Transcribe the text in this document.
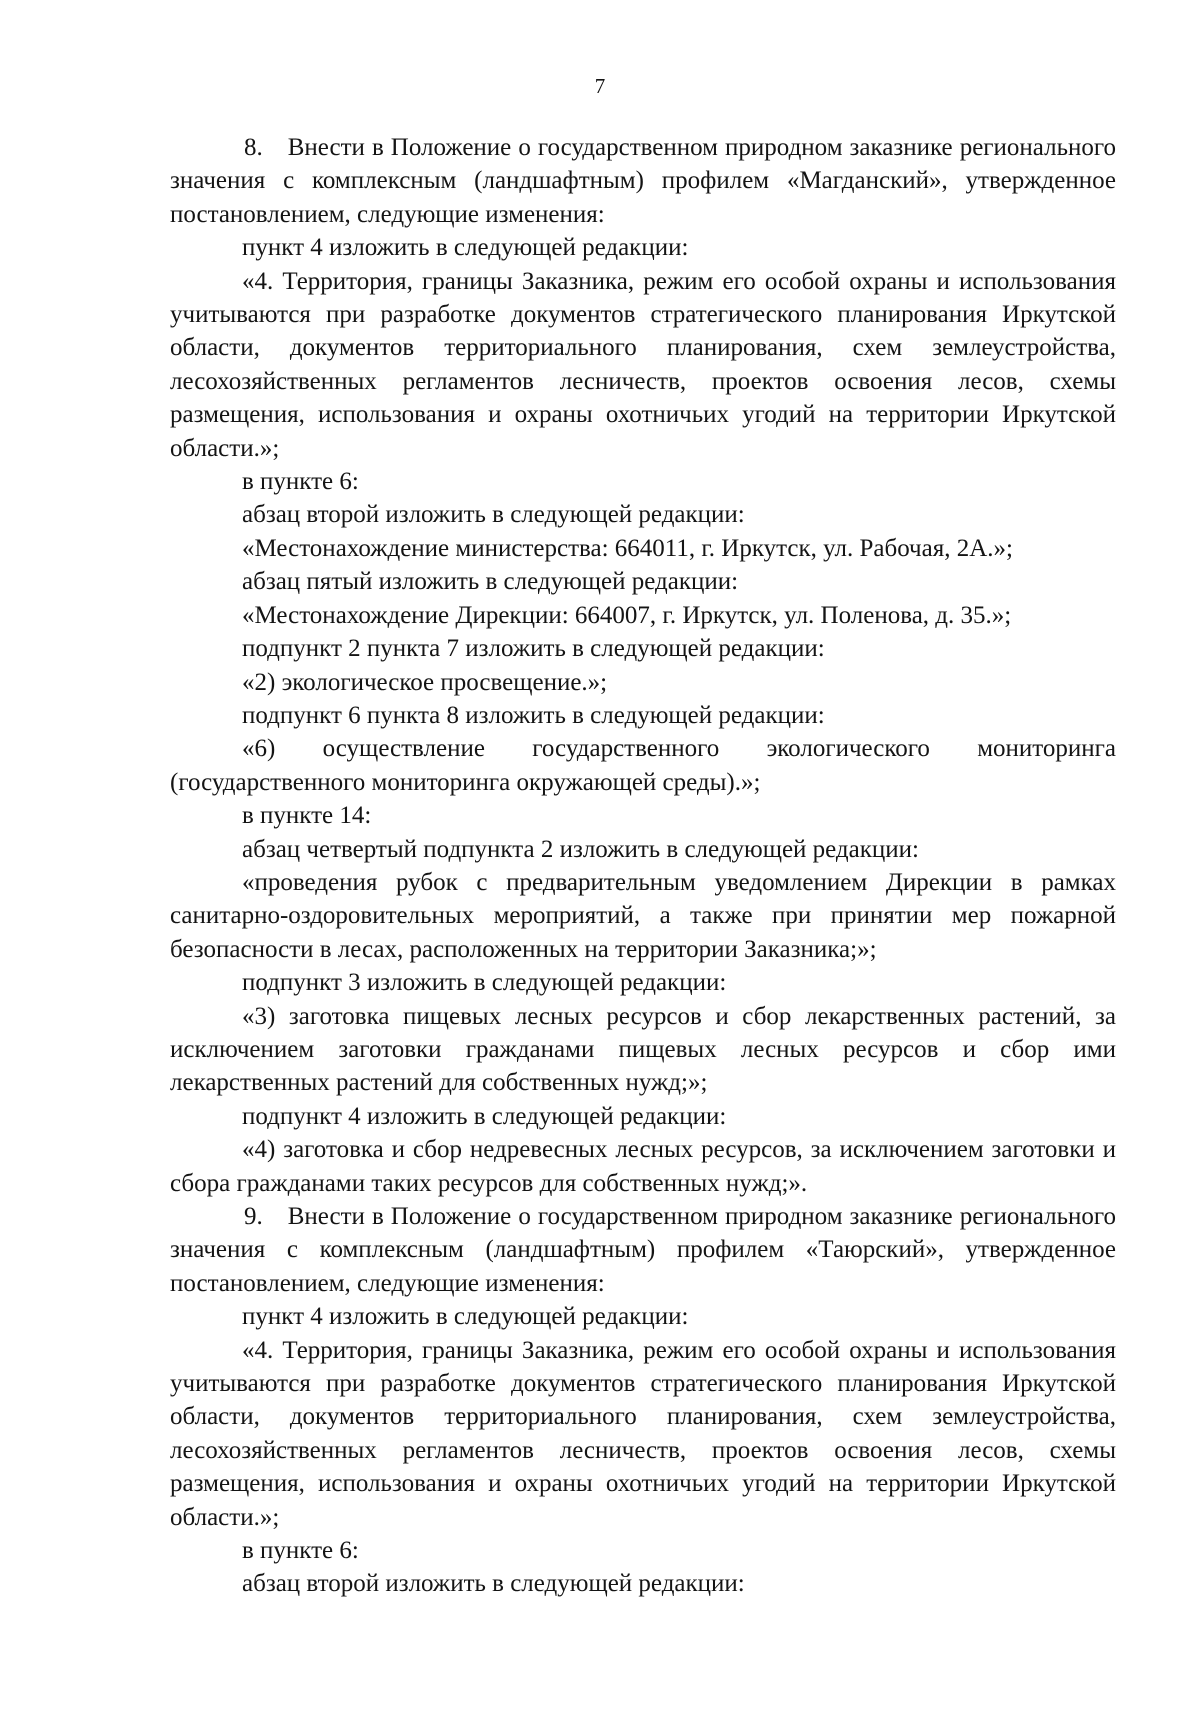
7

8. Внести в Положение о государственном природном заказнике регионального значения с комплексным (ландшафтным) профилем «Магданский», утвержденное постановлением, следующие изменения:

пункт 4 изложить в следующей редакции:

«4. Территория, границы Заказника, режим его особой охраны и использования учитываются при разработке документов стратегического планирования Иркутской области, документов территориального планирования, схем землеустройства, лесохозяйственных регламентов лесничеств, проектов освоения лесов, схемы размещения, использования и охраны охотничьих угодий на территории Иркутской области.»;

в пункте 6:

абзац второй изложить в следующей редакции:

«Местонахождение министерства: 664011, г. Иркутск, ул. Рабочая, 2А.»;

абзац пятый изложить в следующей редакции:

«Местонахождение Дирекции: 664007, г. Иркутск, ул. Поленова, д. 35.»;

подпункт 2 пункта 7 изложить в следующей редакции:

«2) экологическое просвещение.»;

подпункт 6 пункта 8 изложить в следующей редакции:

«6) осуществление государственного экологического мониторинга (государственного мониторинга окружающей среды).»;

в пункте 14:

абзац четвертый подпункта 2 изложить в следующей редакции:

«проведения рубок с предварительным уведомлением Дирекции в рамках санитарно-оздоровительных мероприятий, а также при принятии мер пожарной безопасности в лесах, расположенных на территории Заказника;»;

подпункт 3 изложить в следующей редакции:

«3) заготовка пищевых лесных ресурсов и сбор лекарственных растений, за исключением заготовки гражданами пищевых лесных ресурсов и сбор ими лекарственных растений для собственных нужд;»;

подпункт 4 изложить в следующей редакции:

«4) заготовка и сбор недревесных лесных ресурсов, за исключением заготовки и сбора гражданами таких ресурсов для собственных нужд;».

9. Внести в Положение о государственном природном заказнике регионального значения с комплексным (ландшафтным) профилем «Таюрский», утвержденное постановлением, следующие изменения:

пункт 4 изложить в следующей редакции:

«4. Территория, границы Заказника, режим его особой охраны и использования учитываются при разработке документов стратегического планирования Иркутской области, документов территориального планирования, схем землеустройства, лесохозяйственных регламентов лесничеств, проектов освоения лесов, схемы размещения, использования и охраны охотничьих угодий на территории Иркутской области.»;

в пункте 6:

абзац второй изложить в следующей редакции:
